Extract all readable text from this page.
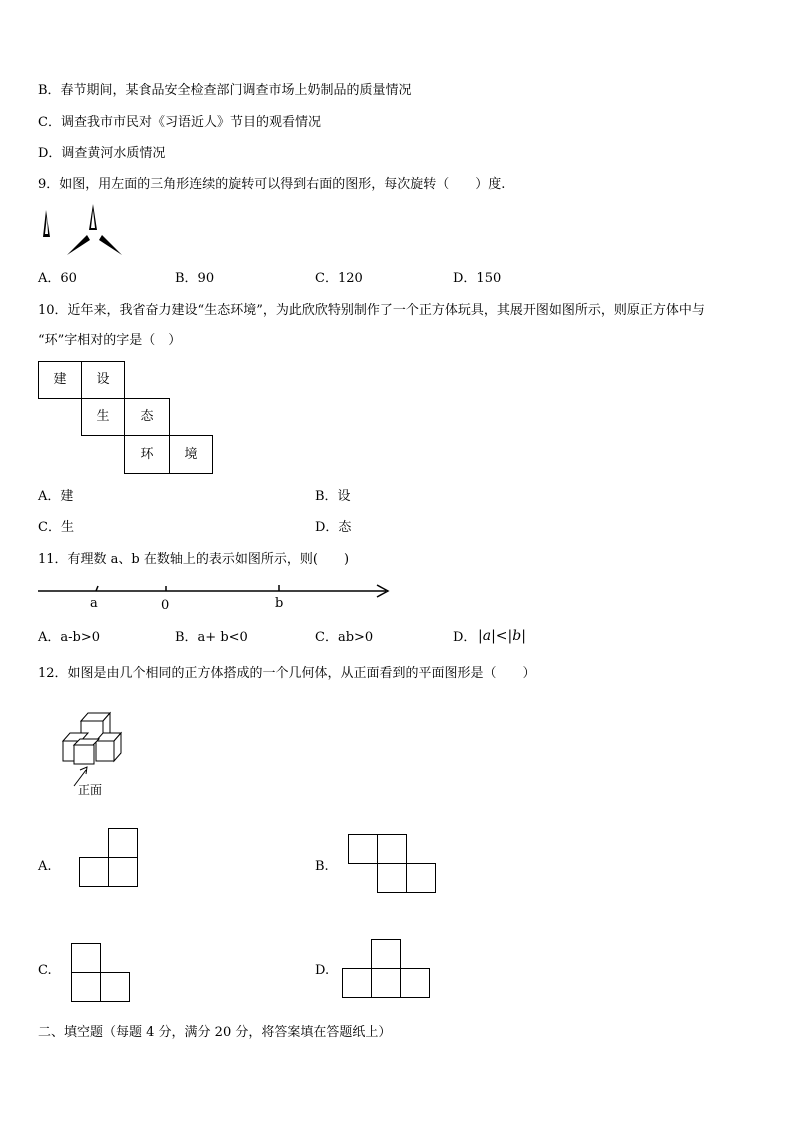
B．春节期间，某食品安全检查部门调查市场上奶制品的质量情况
C．调查我市市民对《习语近人》节目的观看情况
D．调查黄河水质情况
9．如图，用左面的三角形连续的旋转可以得到右面的图形，每次旋转（　　）度.
A．60	B．90	C．120	D．150
10．近年来，我省奋力建设“生态环境”，为此欣欣特别制作了一个正方体玩具，其展开图如图所示，则原正方体中与
“环”字相对的字是（　）
建	设
生	态
环	境
A．建	B．设
C．生	D．态
11．有理数 a、b 在数轴上的表示如图所示，则(　　)
a	0	b
A．a-b>0	B．a+ b<0	C．ab>0	D． |a|<|b|
12．如图是由几个相同的正方体搭成的一个几何体，从正面看到的平面图形是（　　）
正面
A.	B.
C.	D.
二、填空题（每题 4 分，满分 20 分，将答案填在答题纸上）
